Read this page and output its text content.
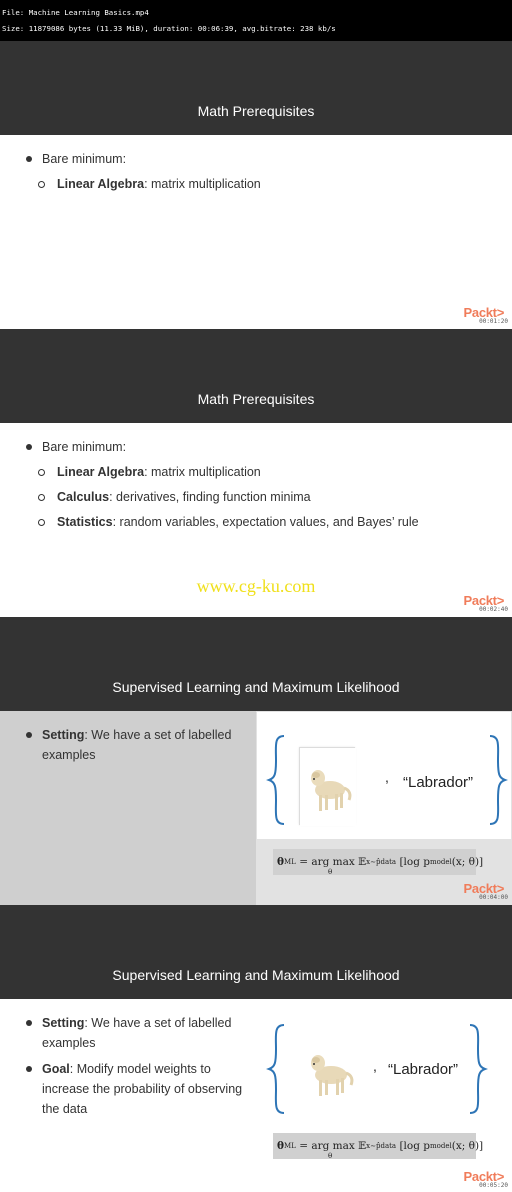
File: Machine Learning Basics.mp4

Size: 11879086 bytes (11.33 MiB), duration: 00:06:39, avg.bitrate: 238 kb/s

Math Prerequisites
Bare minimum:
Linear Algebra: matrix multiplication
Packt>
00:01:20
Math Prerequisites
Bare minimum:
Linear Algebra: matrix multiplication
Calculus: derivatives, finding function minima
Statistics: random variables, expectation values, and Bayes’ rule
www.cg-ku.com
Packt>
00:02:40
Supervised Learning and Maximum Likelihood
Setting: We have a set of labelled examples
, “Labrador”
θ ML
= arg max
𝔼 x∼p̂data
[log p model (x; θ)]
θ
Packt>
00:04:00
Supervised Learning and Maximum Likelihood
Setting: We have a set of labelled examples
Goal: Modify model weights to increase the probability of observing the data
, “Labrador”
θ ML
= arg max
𝔼 x∼p̂data
[log p model (x; θ)]
θ
Packt>
00:05:20
